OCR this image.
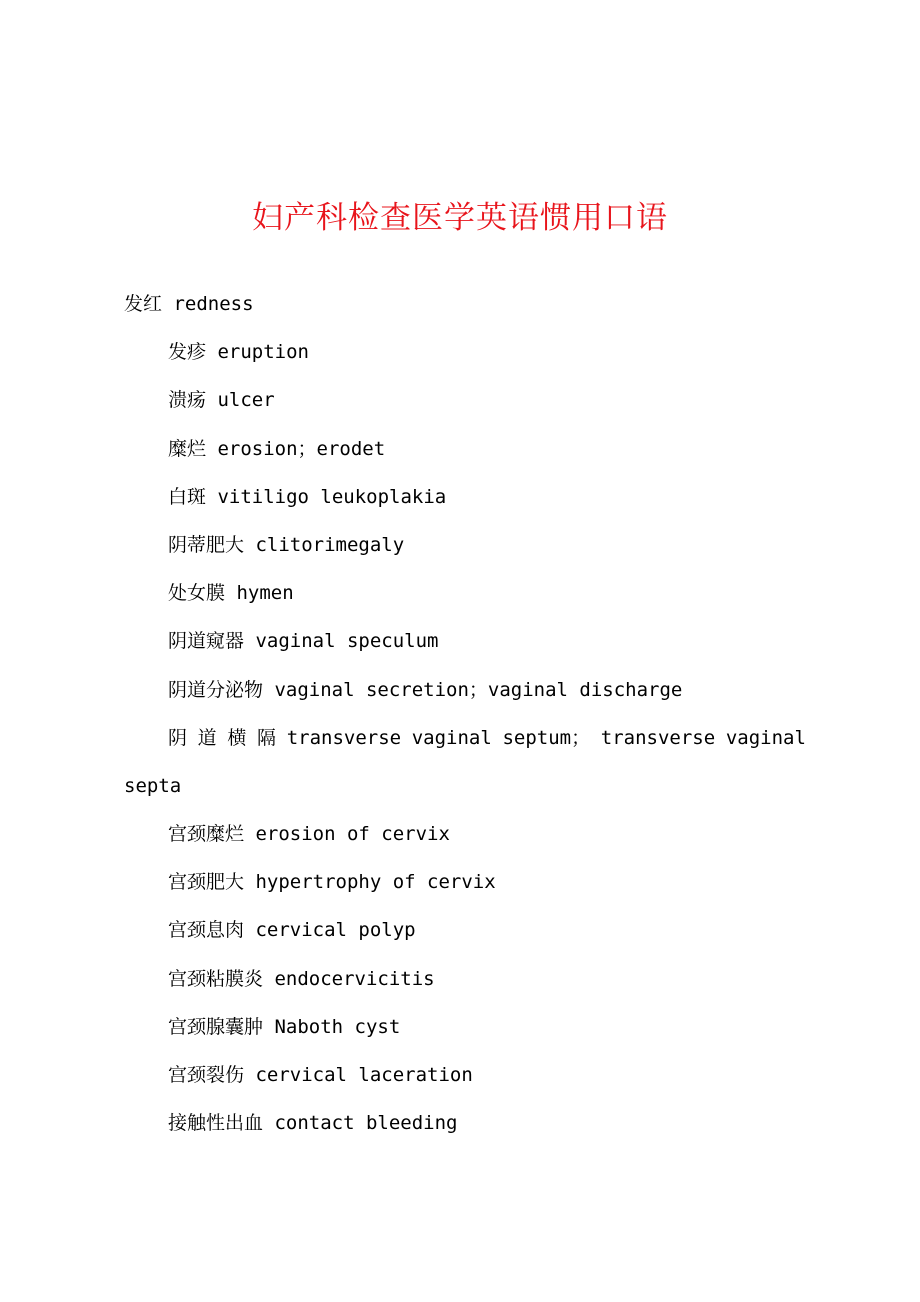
妇产科检查医学英语惯用口语
发红 redness
发疹 eruption
溃疡 ulcer
糜烂 erosion；erodet
白斑 vitiligo leukoplakia
阴蒂肥大 clitorimegaly
处女膜 hymen
阴道窥器 vaginal speculum
阴道分泌物 vaginal secretion；vaginal discharge
阴 道 横 隔 transverse vaginal septum； transverse vaginal
septa
宫颈糜烂 erosion of cervix
宫颈肥大 hypertrophy of cervix
宫颈息肉 cervical polyp
宫颈粘膜炎 endocervicitis
宫颈腺囊肿 Naboth cyst
宫颈裂伤 cervical laceration
接触性出血 contact bleeding
